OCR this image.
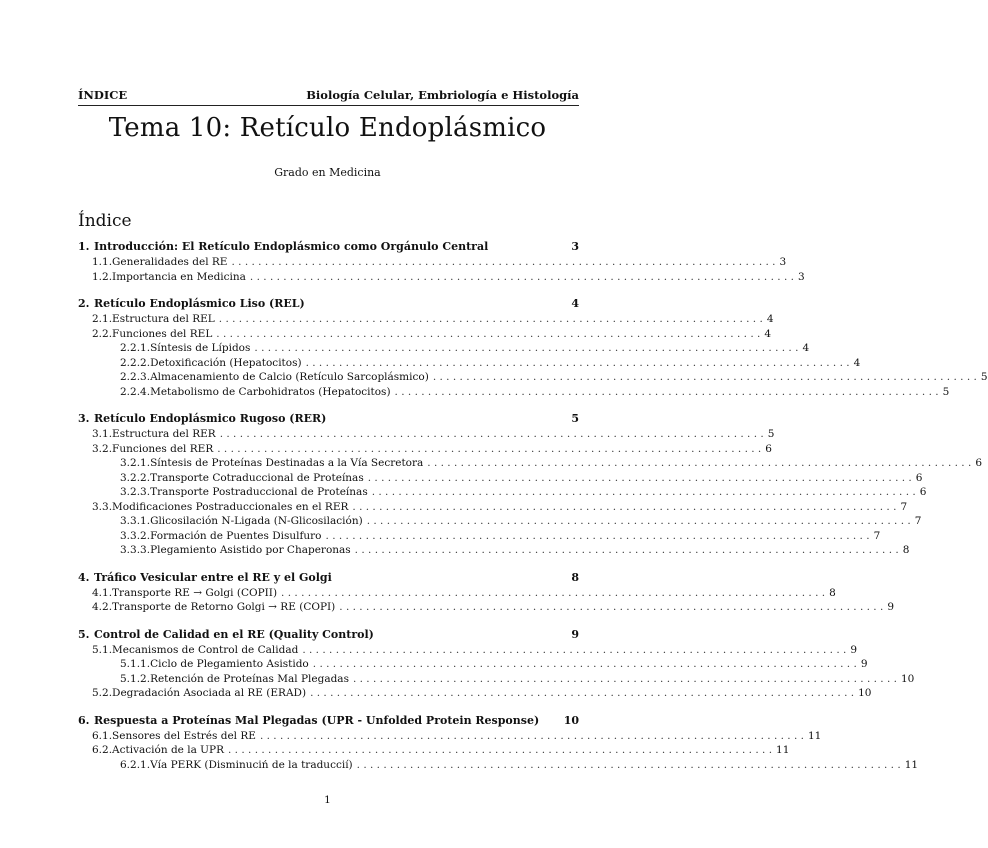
ÍNDICE	Biología Celular, Embriología e Histología
Tema 10: Retículo Endoplásmico
Grado en Medicina
Índice
1. Introducción: El Retículo Endoplásmico como Orgánulo Central	3
1.1. Generalidades del RE . . .	3
1.2. Importancia en Medicina . . .	3
2. Retículo Endoplásmico Liso (REL)	4
2.1. Estructura del REL . . .	4
2.2. Funciones del REL . . .	4
2.2.1. Síntesis de Lípidos . . .	4
2.2.2. Detoxificación (Hepatocitos) . . .	4
2.2.3. Almacenamiento de Calcio (Retículo Sarcoplásmico) . . .	5
2.2.4. Metabolismo de Carbohidratos (Hepatocitos) . . .	5
3. Retículo Endoplásmico Rugoso (RER)	5
3.1. Estructura del RER . . .	5
3.2. Funciones del RER . . .	6
3.2.1. Síntesis de Proteínas Destinadas a la Vía Secretora . . .	6
3.2.2. Transporte Cotraduccional de Proteínas . . .	6
3.2.3. Transporte Postraduccional de Proteínas . . .	6
3.3. Modificaciones Postraduccionales en el RER . . .	7
3.3.1. Glicosilación N-Ligada (N-Glicosilación) . . .	7
3.3.2. Formación de Puentes Disulfuro . . .	7
3.3.3. Plegamiento Asistido por Chaperonas . . .	8
4. Tráfico Vesicular entre el RE y el Golgi	8
4.1. Transporte RE → Golgi (COPII) . . .	8
4.2. Transporte de Retorno Golgi → RE (COPI) . . .	9
5. Control de Calidad en el RE (Quality Control)	9
5.1. Mecanismos de Control de Calidad . . .	9
5.1.1. Ciclo de Plegamiento Asistido . . .	9
5.1.2. Retención de Proteínas Mal Plegadas . . .	10
5.2. Degradación Asociada al RE (ERAD) . . .	10
6. Respuesta a Proteínas Mal Plegadas (UPR - Unfolded Protein Response) 10
6.1. Sensores del Estrés del RE . . .	11
6.2. Activación de la UPR . . .	11
6.2.1. Vía PERK (Disminuciń de la traduccií) . . .	11
1
